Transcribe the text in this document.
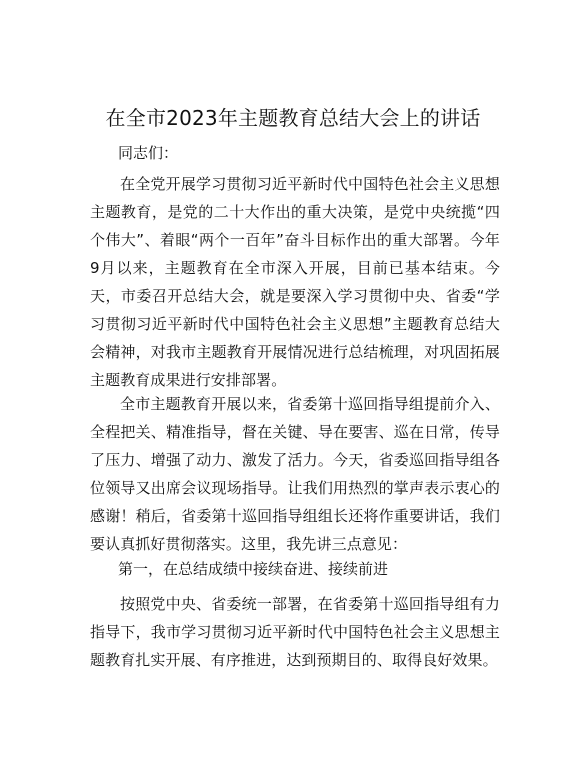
在全市2023年主题教育总结大会上的讲话
同志们：
在全党开展学习贯彻习近平新时代中国特色社会主义思想主题教育，是党的二十大作出的重大决策，是党中央统揽“四个伟大”、着眼“两个一百年”奋斗目标作出的重大部署。今年9月以来，主题教育在全市深入开展，目前已基本结束。今天，市委召开总结大会，就是要深入学习贯彻中央、省委“学习贯彻习近平新时代中国特色社会主义思想”主题教育总结大会精神，对我市主题教育开展情况进行总结梳理，对巩固拓展主题教育成果进行安排部署。
全市主题教育开展以来，省委第十巡回指导组提前介入、全程把关、精准指导，督在关键、导在要害、巡在日常，传导了压力、增强了动力、激发了活力。今天，省委巡回指导组各位领导又出席会议现场指导。让我们用热烈的掌声表示衷心的感谢！稍后，省委第十巡回指导组组长还将作重要讲话，我们要认真抓好贯彻落实。这里，我先讲三点意见：
第一，在总结成绩中接续奋进、接续前进
按照党中央、省委统一部署，在省委第十巡回指导组有力指导下，我市学习贯彻习近平新时代中国特色社会主义思想主题教育扎实开展、有序推进，达到预期目的、取得良好效果。
